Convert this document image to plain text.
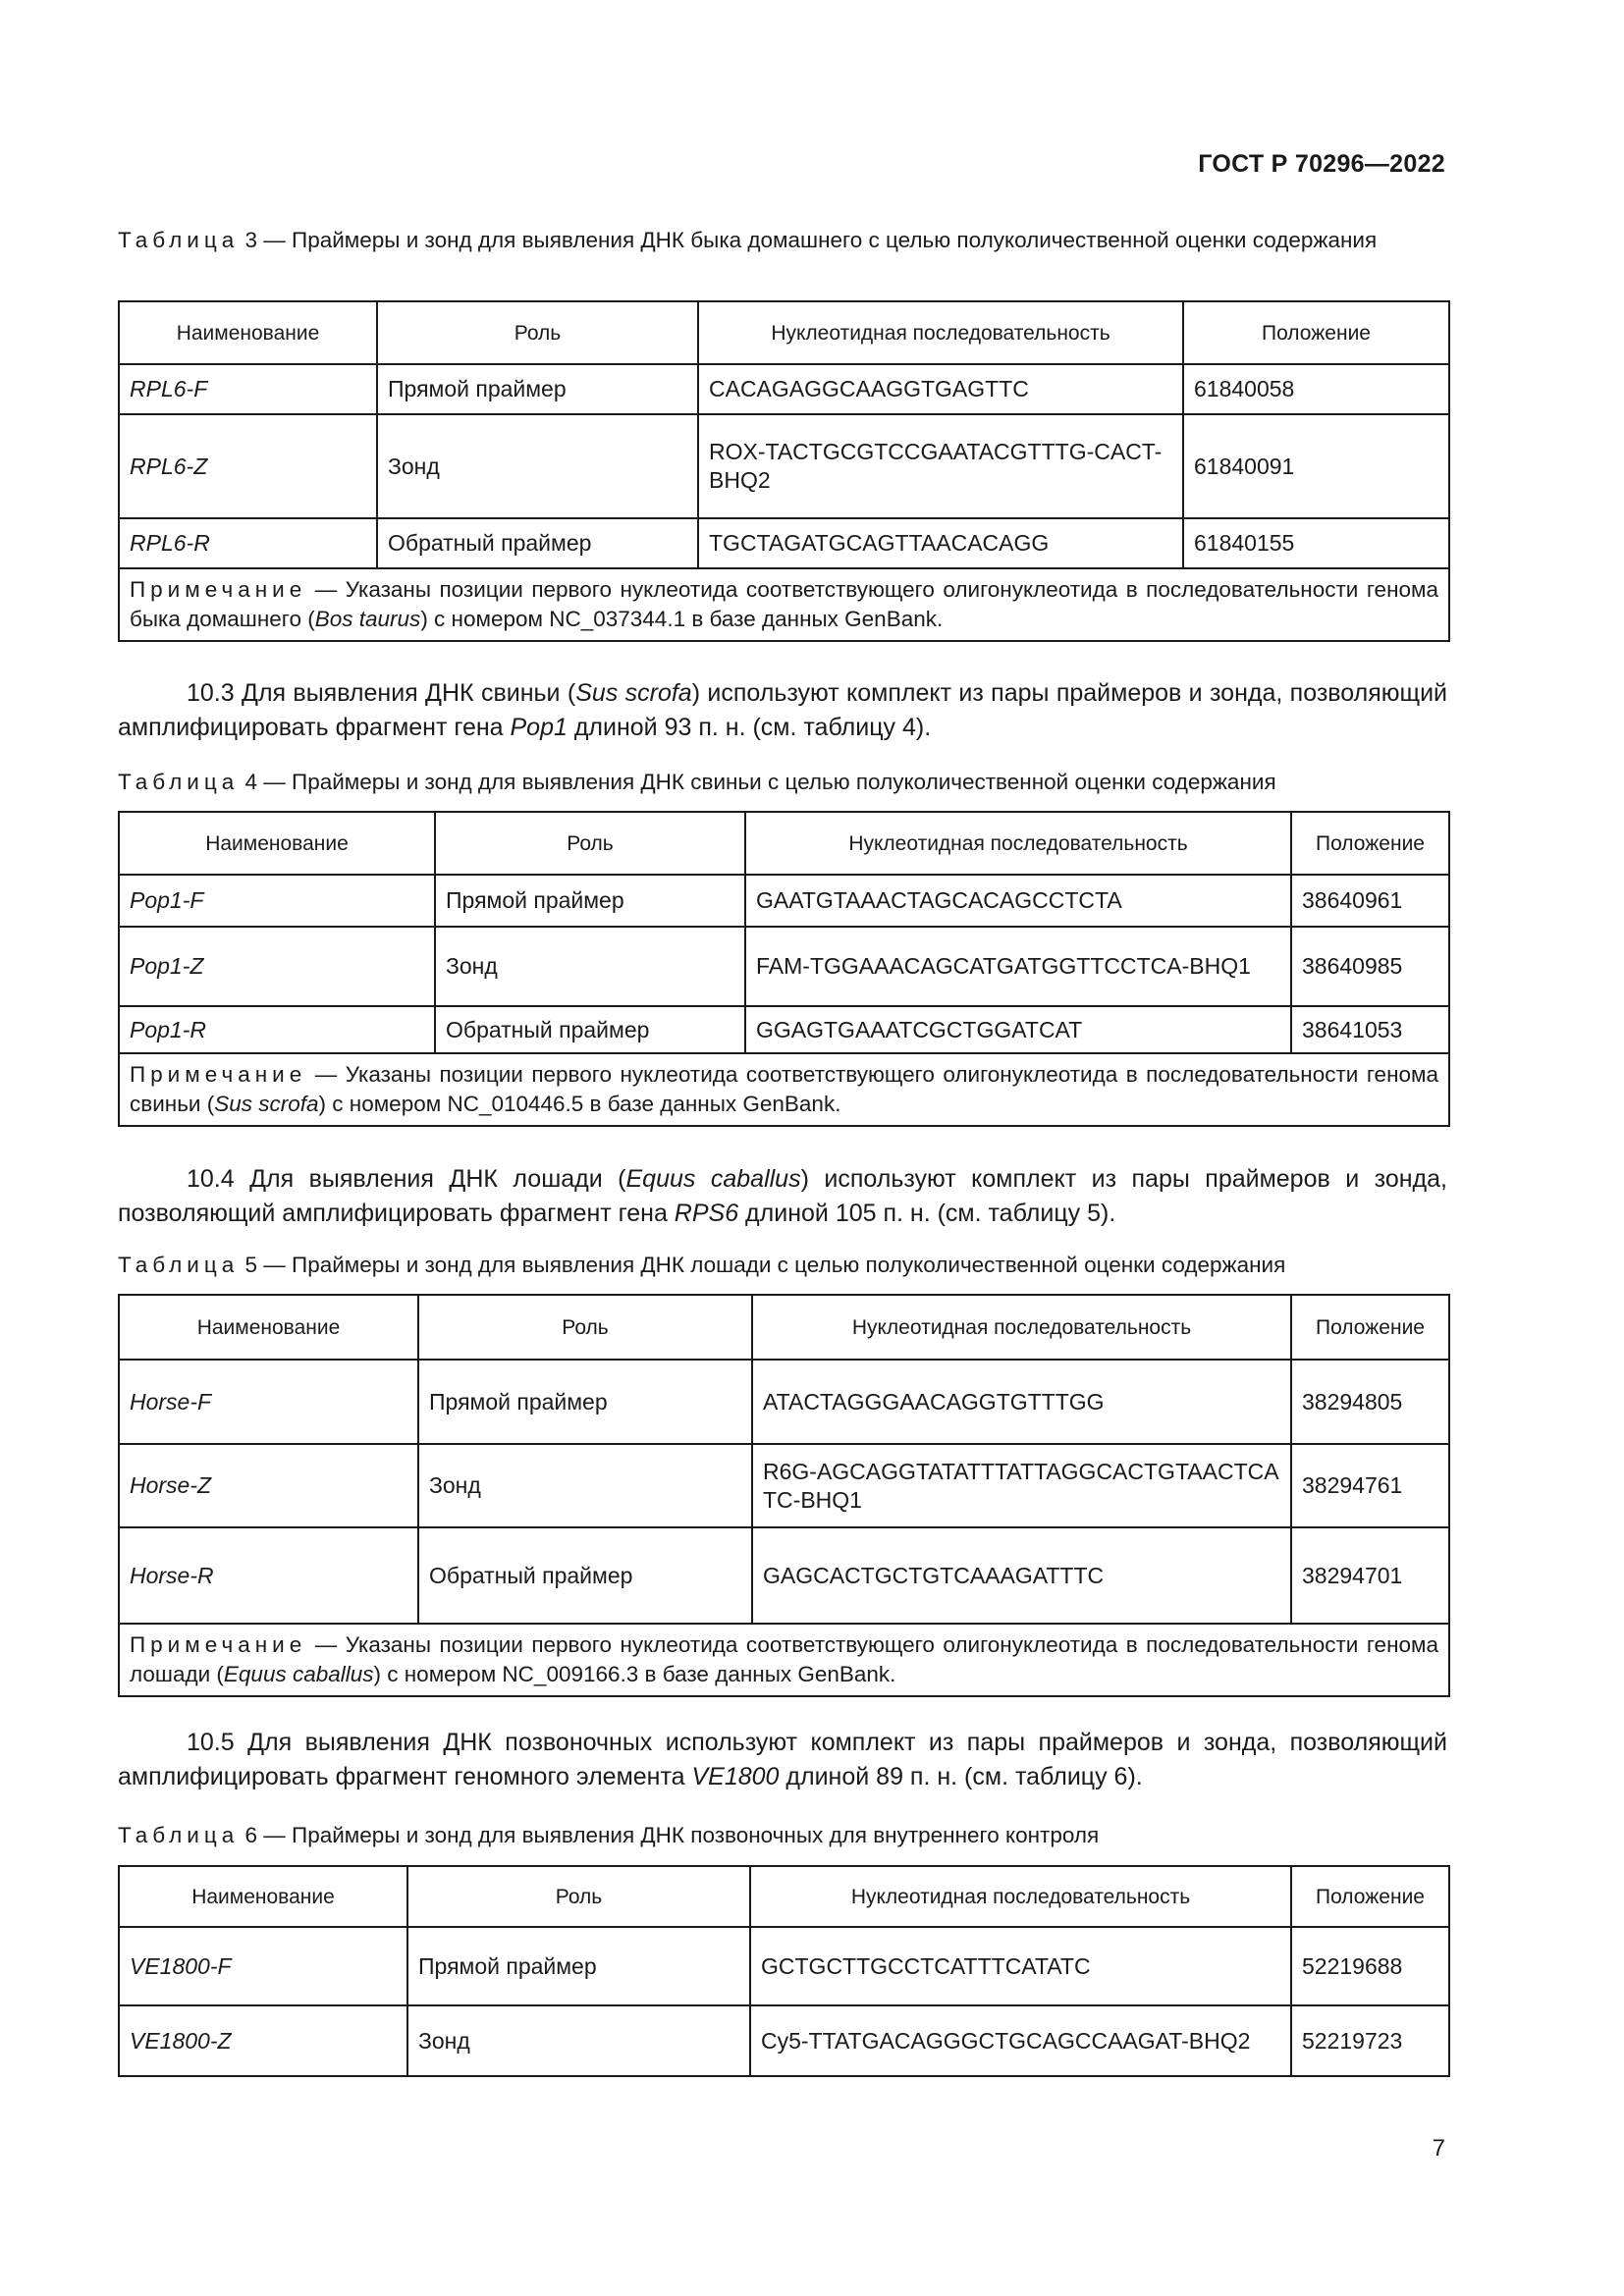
ГОСТ Р 70296—2022
Таблица 3 — Праймеры и зонд для выявления ДНК быка домашнего с целью полуколичественной оценки содержания
Наименование	Роль	Нуклеотидная последовательность	Положение
RPL6-F	Прямой праймер	CACAGAGGCAAGGTGAGTTC	61840058
RPL6-Z	Зонд	ROX-TACTGCGTCCGAATACGTTTG-CACT-BHQ2	61840091
RPL6-R	Обратный праймер	TGCTAGATGCAGTTAACACAGG	61840155
Примечание — Указаны позиции первого нуклеотида соответствующего олигонуклеотида в последовательности генома быка домашнего (Bos taurus) с номером NC_037344.1 в базе данных GenBank.			
10.3 Для выявления ДНК свиньи (Sus scrofa) используют комплект из пары праймеров и зонда, позволяющий амплифицировать фрагмент гена Pop1 длиной 93 п. н. (см. таблицу 4).
Таблица 4 — Праймеры и зонд для выявления ДНК свиньи с целью полуколичественной оценки содержания
Наименование	Роль	Нуклеотидная последовательность	Положение
Pop1-F	Прямой праймер	GAATGTAAACTAGCACAGCCTCTA	38640961
Pop1-Z	Зонд	FAM-TGGAAACAGCATGATGGTTCCTCA-BHQ1	38640985
Pop1-R	Обратный праймер	GGAGTGAAATCGCTGGATCAT	38641053
Примечание — Указаны позиции первого нуклеотида соответствующего олигонуклеотида в последовательности генома свиньи (Sus scrofa) с номером NC_010446.5 в базе данных GenBank.			
10.4 Для выявления ДНК лошади (Equus caballus) используют комплект из пары праймеров и зонда, позволяющий амплифицировать фрагмент гена RPS6 длиной 105 п. н. (см. таблицу 5).
Таблица 5 — Праймеры и зонд для выявления ДНК лошади с целью полуколичественной оценки содержания
Наименование	Роль	Нуклеотидная последовательность	Положение
Horse-F	Прямой праймер	ATACTAGGGAACAGGTGTTTGG	38294805
Horse-Z	Зонд	R6G-AGCAGGTATATTTATTAGGCACTGTAACTCATC-BHQ1	38294761
Horse-R	Обратный праймер	GAGCACTGCTGTCAAAGATTTC	38294701
Примечание — Указаны позиции первого нуклеотида соответствующего олигонуклеотида в последовательности генома лошади (Equus caballus) с номером NC_009166.3 в базе данных GenBank.			
10.5 Для выявления ДНК позвоночных используют комплект из пары праймеров и зонда, позволяющий амплифицировать фрагмент геномного элемента VE1800 длиной 89 п. н. (см. таблицу 6).
Таблица 6 — Праймеры и зонд для выявления ДНК позвоночных для внутреннего контроля
Наименование	Роль	Нуклеотидная последовательность	Положение
VE1800-F	Прямой праймер	GCTGCTTGCCTCATTTCATATC	52219688
VE1800-Z	Зонд	Cy5-TTATGACAGGGCTGCAGCCAAGAT-BHQ2	52219723
7
